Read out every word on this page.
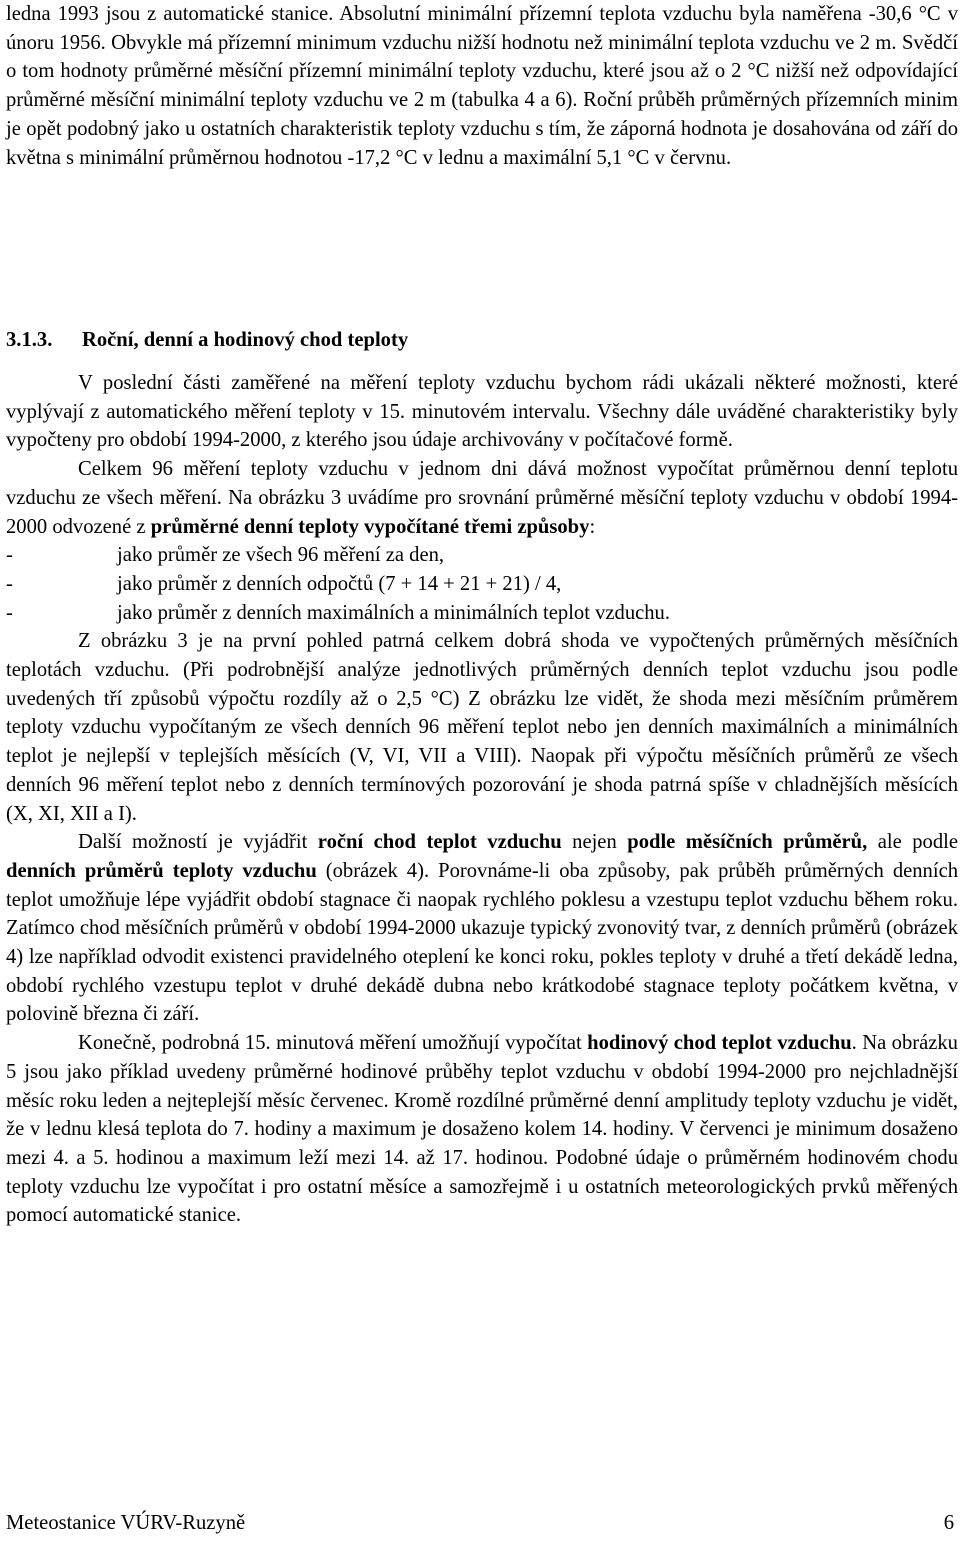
ledna 1993 jsou z automatické stanice. Absolutní minimální přízemní teplota vzduchu byla naměřena -30,6 °C v únoru 1956. Obvykle má přízemní minimum vzduchu nižší hodnotu než minimální teplota vzduchu ve 2 m. Svědčí o tom hodnoty průměrné měsíční přízemní minimální teploty vzduchu, které jsou až o 2 °C nižší než odpovídající průměrné měsíční minimální teploty vzduchu ve 2 m (tabulka 4 a 6). Roční průběh průměrných přízemních minim je opět podobný jako u ostatních charakteristik teploty vzduchu s tím, že záporná hodnota je dosahována od září do května s minimální průměrnou hodnotou -17,2 °C v lednu a maximální 5,1 °C v červnu.

3.1.3. Roční, denní a hodinový chod teploty

V poslední části zaměřené na měření teploty vzduchu bychom rádi ukázali některé možnosti, které vyplývají z automatického měření teploty v 15. minutovém intervalu. Všechny dále uváděné charakteristiky byly vypočteny pro období 1994-2000, z kterého jsou údaje archivovány v počítačové formě.

Celkem 96 měření teploty vzduchu v jednom dni dává možnost vypočítat průměrnou denní teplotu vzduchu ze všech měření. Na obrázku 3 uvádíme pro srovnání průměrné měsíční teploty vzduchu v období 1994-2000 odvozené z průměrné denní teploty vypočítané třemi způsoby:

- jako průměr ze všech 96 měření za den,
- jako průměr z denních odpočtů (7 + 14 + 21 + 21) / 4,
- jako průměr z denních maximálních a minimálních teplot vzduchu.

Z obrázku 3 je na první pohled patrná celkem dobrá shoda ve vypočtených průměrných měsíčních teplotách vzduchu. (Při podrobnější analýze jednotlivých průměrných denních teplot vzduchu jsou podle uvedených tří způsobů výpočtu rozdíly až o 2,5 °C) Z obrázku lze vidět, že shoda mezi měsíčním průměrem teploty vzduchu vypočítaným ze všech denních 96 měření teplot nebo jen denních maximálních a minimálních teplot je nejlepší v teplejších měsících (V, VI, VII a VIII). Naopak při výpočtu měsíčních průměrů ze všech denních 96 měření teplot nebo z denních termínových pozorování je shoda patrná spíše v chladnějších měsících (X, XI, XII a I).

Další možností je vyjádřit roční chod teplot vzduchu nejen podle měsíčních průměrů, ale podle denních průměrů teploty vzduchu (obrázek 4). Porovnáme-li oba způsoby, pak průběh průměrných denních teplot umožňuje lépe vyjádřit období stagnace či naopak rychlého poklesu a vzestupu teplot vzduchu během roku. Zatímco chod měsíčních průměrů v období 1994-2000 ukazuje typický zvonovitý tvar, z denních průměrů (obrázek 4) lze například odvodit existenci pravidelného oteplení ke konci roku, pokles teploty v druhé a třetí dekádě ledna, období rychlého vzestupu teplot v druhé dekádě dubna nebo krátkodobé stagnace teploty počátkem května, v polovině března či září.

Konečně, podrobná 15. minutová měření umožňují vypočítat hodinový chod teplot vzduchu. Na obrázku 5 jsou jako příklad uvedeny průměrné hodinové průběhy teplot vzduchu v období 1994-2000 pro nejchladnější měsíc roku leden a nejteplejší měsíc červenec. Kromě rozdílné průměrné denní amplitudy teploty vzduchu je vidět, že v lednu klesá teplota do 7. hodiny a maximum je dosaženo kolem 14. hodiny. V červenci je minimum dosaženo mezi 4. a 5. hodinou a maximum leží mezi 14. až 17. hodinou. Podobné údaje o průměrném hodinovém chodu teploty vzduchu lze vypočítat i pro ostatní měsíce a samozřejmě i u ostatních meteorologických prvků měřených pomocí automatické stanice.

Meteostanice VÚRV-Ruzyně	6
